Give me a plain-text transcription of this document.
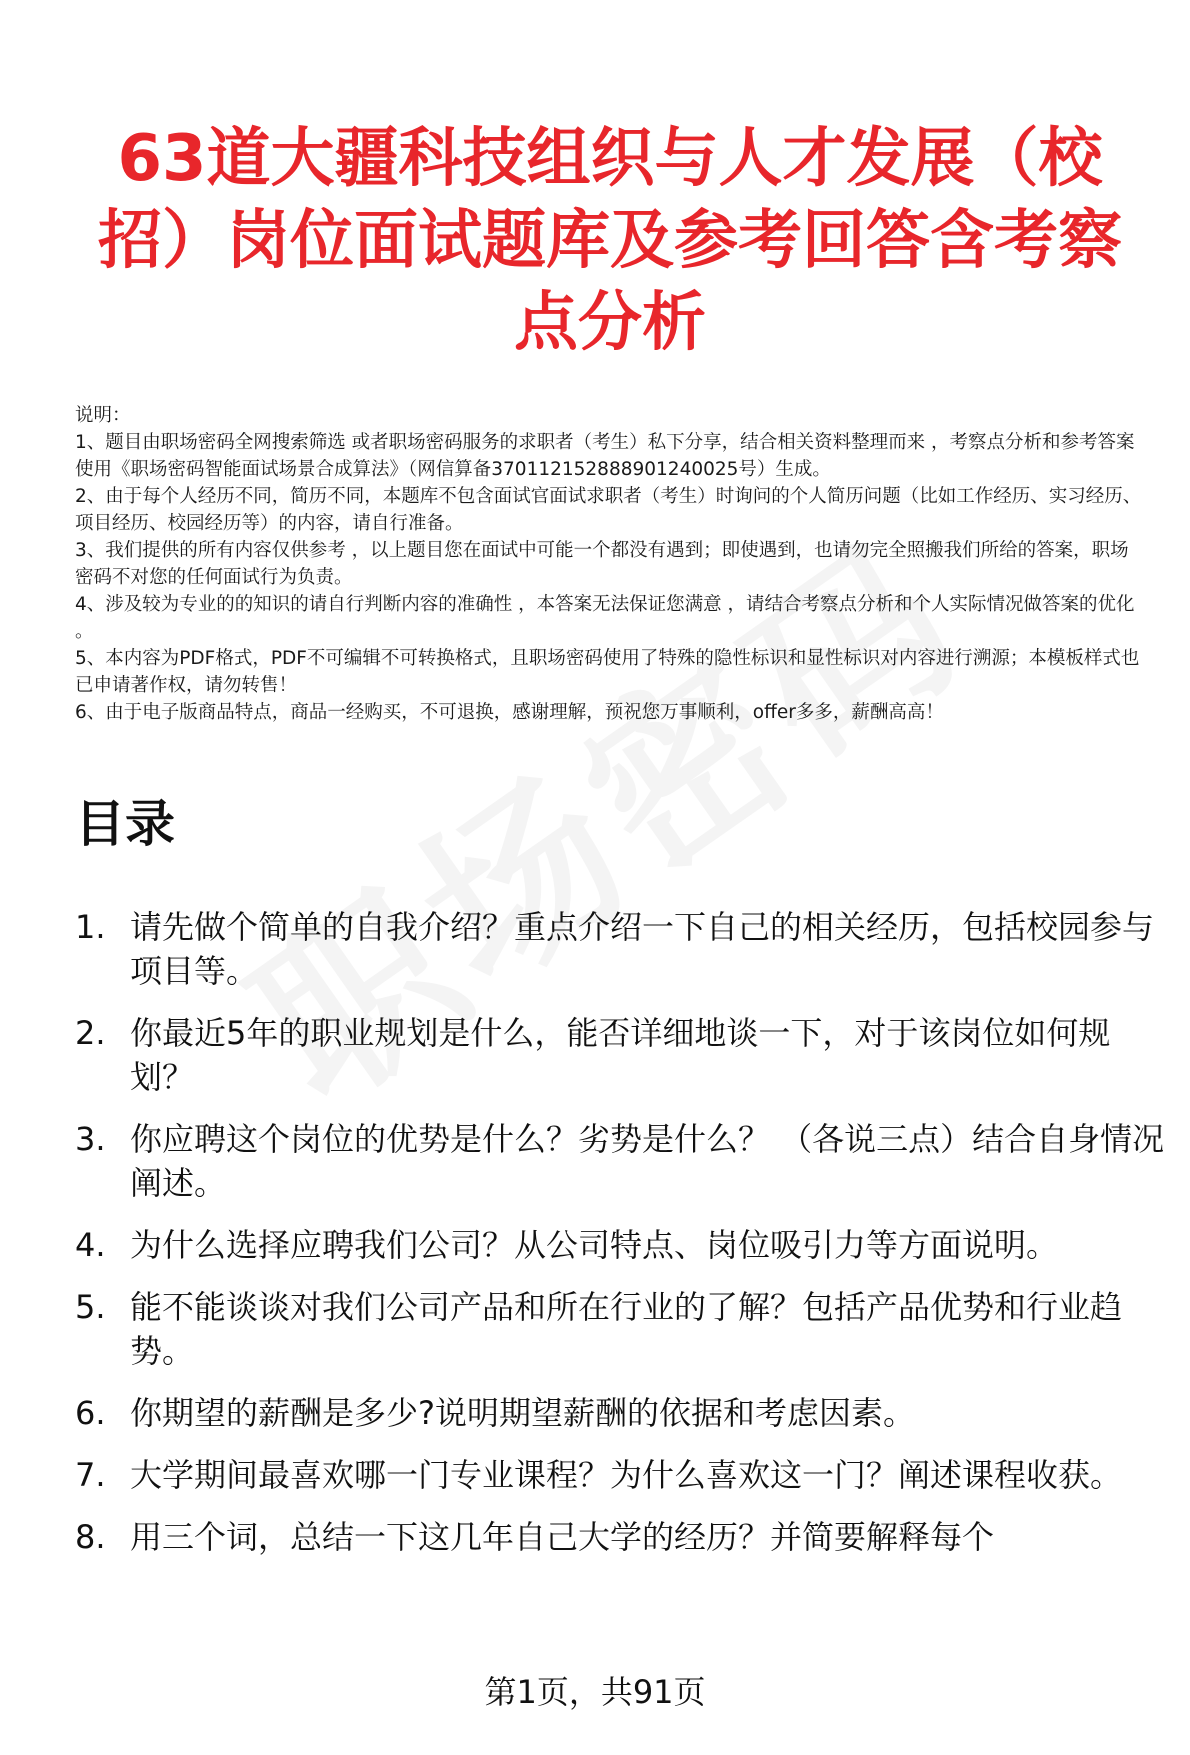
63道大疆科技组织与人才发展（校招）岗位面试题库及参考回答含考察点分析

说明：

1、题目由职场密码全网搜索筛选 或者职场密码服务的求职者（考生）私下分享，结合相关资料整理而来 ，考察点分析和参考答案使用《职场密码智能面试场景合成算法》（网信算备370112152888901240025号）生成。

2、由于每个人经历不同，简历不同，本题库不包含面试官面试求职者（考生）时询问的个人简历问题（比如工作经历、实习经历、项目经历、校园经历等）的内容，请自行准备。

3、我们提供的所有内容仅供参考 ，以上题目您在面试中可能一个都没有遇到；即使遇到，也请勿完全照搬我们所给的答案，职场密码不对您的任何面试行为负责。

4、涉及较为专业的的知识的请自行判断内容的准确性 ，本答案无法保证您满意 ，请结合考察点分析和个人实际情况做答案的优化 。

5、本内容为PDF格式，PDF不可编辑不可转换格式，且职场密码使用了特殊的隐性标识和显性标识对内容进行溯源；本模板样式也已申请著作权，请勿转售！

6、由于电子版商品特点，商品一经购买，不可退换，感谢理解，预祝您万事顺利，offer多多，薪酬高高！

目录
1. 请先做个简单的自我介绍？重点介绍一下自己的相关经历，包括校园参与项目等。
2. 你最近5年的职业规划是什么，能否详细地谈一下，对于该岗位如何规划？
3. 你应聘这个岗位的优势是什么？劣势是什么？ （各说三点）结合自身情况阐述。
4. 为什么选择应聘我们公司？从公司特点、岗位吸引力等方面说明。
5. 能不能谈谈对我们公司产品和所在行业的了解？包括产品优势和行业趋势。
6. 你期望的薪酬是多少?说明期望薪酬的依据和考虑因素。
7. 大学期间最喜欢哪一门专业课程？为什么喜欢这一门？阐述课程收获。
8. 用三个词，总结一下这几年自己大学的经历？并简要解释每个
第1页，共91页
